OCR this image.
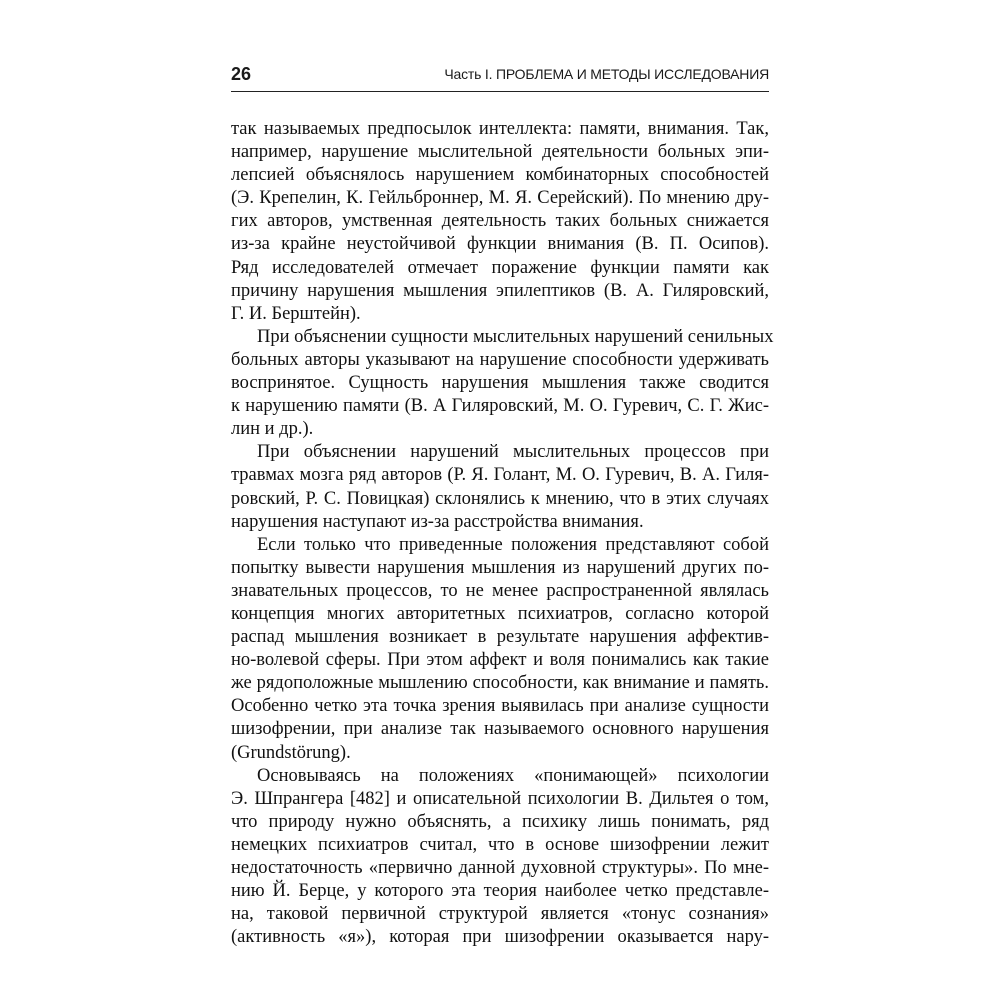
26	Часть I. ПРОБЛЕМА И МЕТОДЫ ИССЛЕДОВАНИЯ
так называемых предпосылок интеллекта: памяти, внимания. Так,
например, нарушение мыслительной деятельности больных эпи-
лепсией объяснялось нарушением комбинаторных способностей
(Э. Крепелин, К. Гейльброннер, М. Я. Серейский). По мнению дру-
гих авторов, умственная деятельность таких больных снижается
из-за крайне неустойчивой функции внимания (В. П. Осипов).
Ряд исследователей отмечает поражение функции памяти как
причину нарушения мышления эпилептиков (В. А. Гиляровский,
Г. И. Берштейн).
При объяснении сущности мыслительных нарушений сенильных
больных авторы указывают на нарушение способности удерживать
воспринятое. Сущность нарушения мышления также сводится
к нарушению памяти (В. А Гиляровский, М. О. Гуревич, С. Г. Жис-
лин и др.).
При объяснении нарушений мыслительных процессов при
травмах мозга ряд авторов (Р. Я. Голант, М. О. Гуревич, В. А. Гиля-
ровский, Р. С. Повицкая) склонялись к мнению, что в этих случаях
нарушения наступают из-за расстройства внимания.
Если только что приведенные положения представляют собой
попытку вывести нарушения мышления из нарушений других по-
знавательных процессов, то не менее распространенной являлась
концепция многих авторитетных психиатров, согласно которой
распад мышления возникает в результате нарушения аффектив-
но-волевой сферы. При этом аффект и воля понимались как такие
же рядоположные мышлению способности, как внимание и память.
Особенно четко эта точка зрения выявилась при анализе сущности
шизофрении, при анализе так называемого основного нарушения
(Grundstörung).
Основываясь на положениях «понимающей» психологии
Э. Шпрангера [482] и описательной психологии В. Дильтея о том,
что природу нужно объяснять, а психику лишь понимать, ряд
немецких психиатров считал, что в основе шизофрении лежит
недостаточность «первично данной духовной структуры». По мне-
нию Й. Берце, у которого эта теория наиболее четко представле-
на, таковой первичной структурой является «тонус сознания»
(активность «я»), которая при шизофрении оказывается нару-
